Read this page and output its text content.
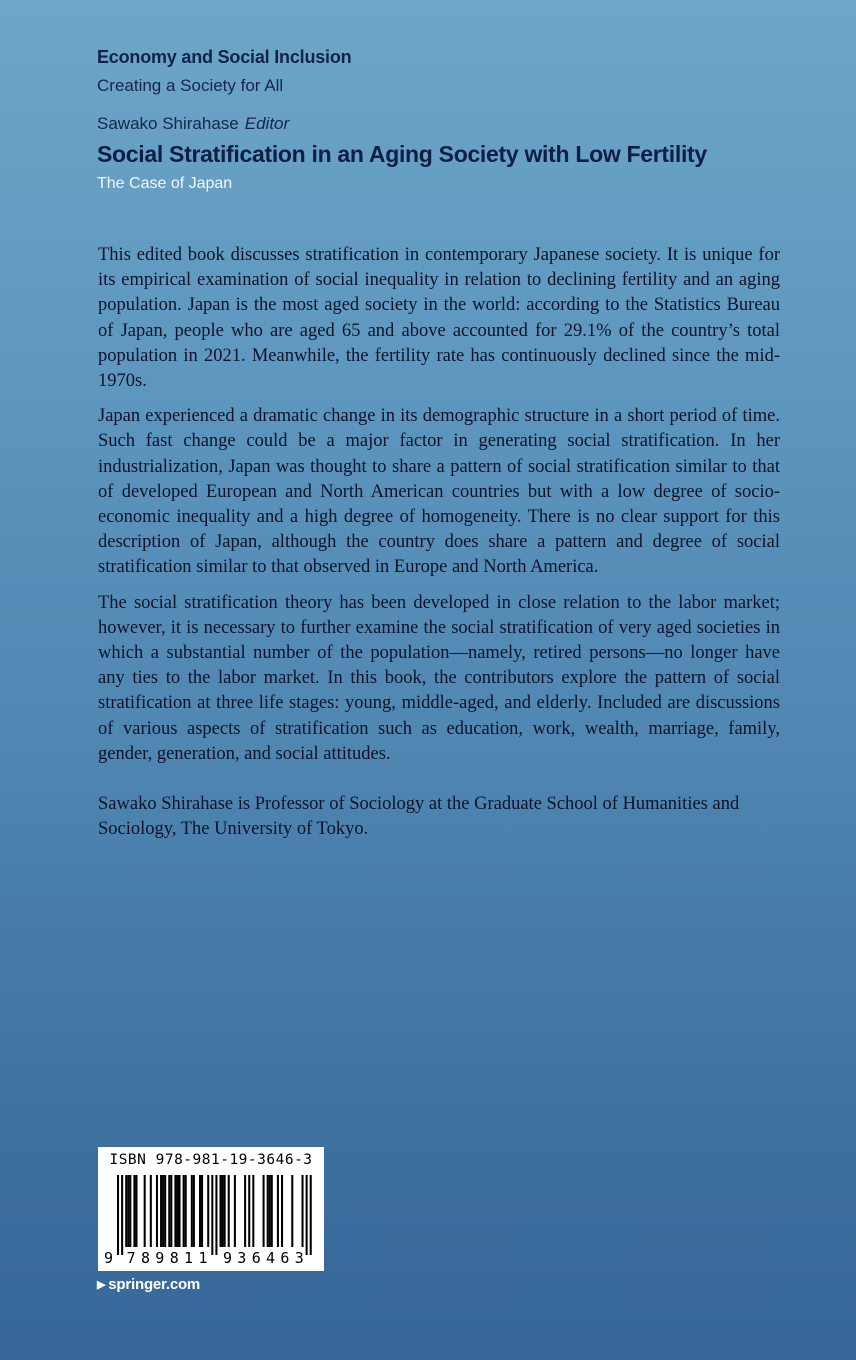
Economy and Social Inclusion
Creating a Society for All
Sawako Shirahase Editor
Social Stratification in an Aging Society with Low Fertility
The Case of Japan

This edited book discusses stratification in contemporary Japanese society. It is unique for its empirical examination of social inequality in relation to declining fertility and an aging population. Japan is the most aged society in the world: according to the Statistics Bureau of Japan, people who are aged 65 and above accounted for 29.1% of the country’s total population in 2021. Meanwhile, the fertility rate has continuously declined since the mid-1970s.

Japan experienced a dramatic change in its demographic structure in a short period of time. Such fast change could be a major factor in generating social stratification. In her industrialization, Japan was thought to share a pattern of social stratification similar to that of developed European and North American countries but with a low degree of socio-economic inequality and a high degree of homogeneity. There is no clear support for this description of Japan, although the country does share a pattern and degree of social stratification similar to that observed in Europe and North America.

The social stratification theory has been developed in close relation to the labor market; however, it is necessary to further examine the social stratification of very aged societies in which a substantial number of the population—namely, retired persons—no longer have any ties to the labor market. In this book, the contributors explore the pattern of social stratification at three life stages: young, middle-aged, and elderly. Included are discussions of various aspects of stratification such as education, work, wealth, marriage, family, gender, generation, and social attitudes.

Sawako Shirahase is Professor of Sociology at the Graduate School of Humanities and Sociology, The University of Tokyo.
ISBN 978-981-19-3646-3
9 7 8 9 8 1 1 9 3 6 4 6 3
▶ springer.com
